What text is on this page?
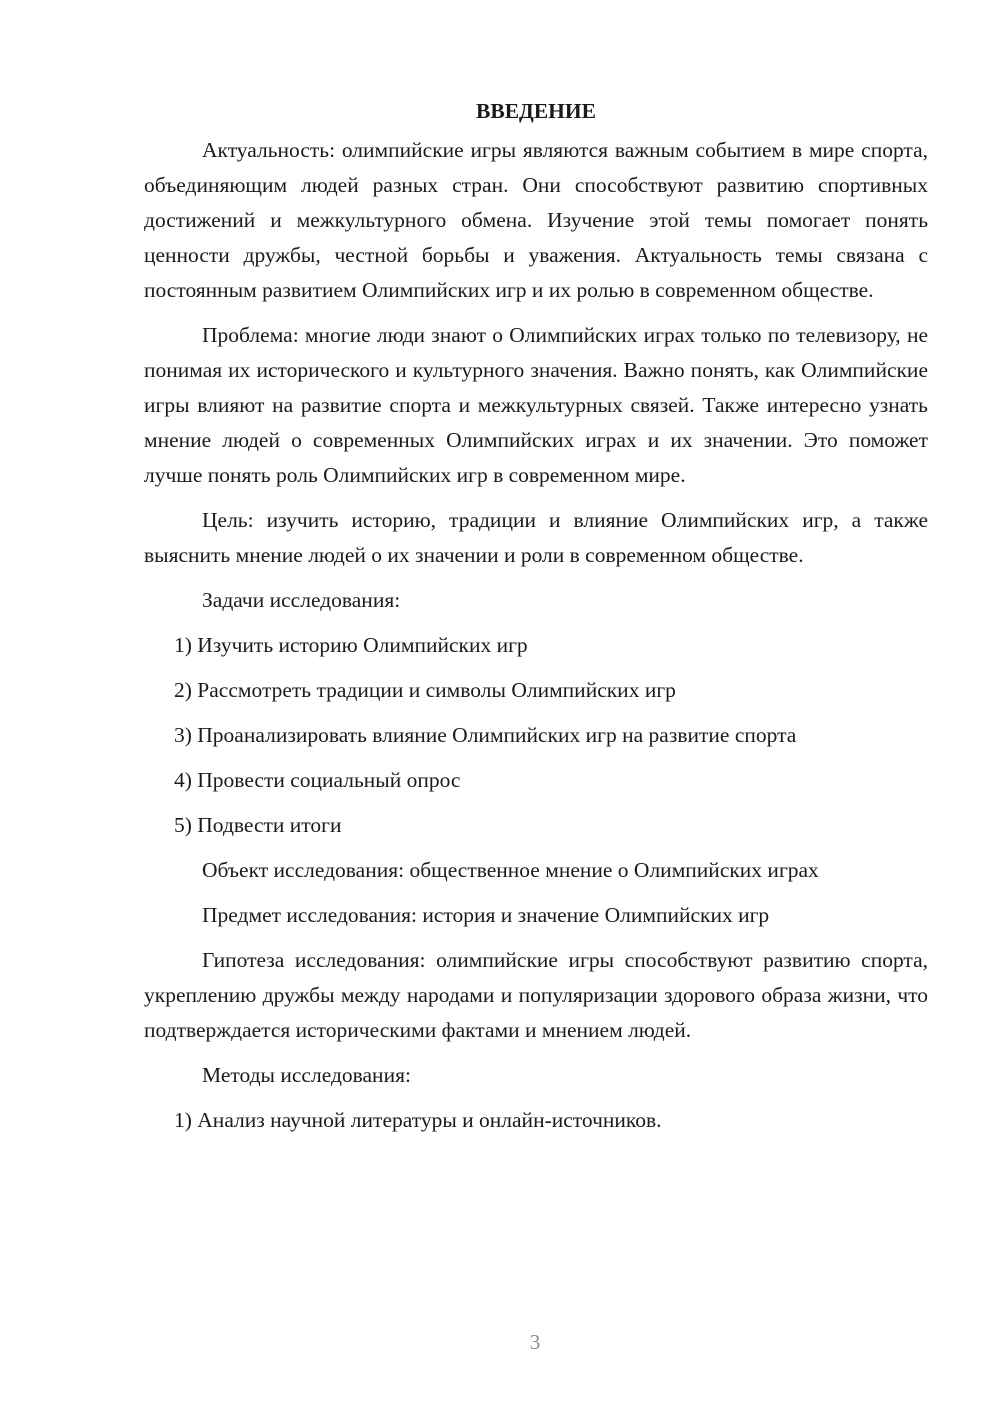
ВВЕДЕНИЕ
Актуальность: олимпийские игры являются важным событием в мире спорта, объединяющим людей разных стран. Они способствуют развитию спортивных достижений и межкультурного обмена. Изучение этой темы помогает понять ценности дружбы, честной борьбы и уважения. Актуальность темы связана с постоянным развитием Олимпийских игр и их ролью в современном обществе.
Проблема: многие люди знают о Олимпийских играх только по телевизору, не понимая их исторического и культурного значения. Важно понять, как Олимпийские игры влияют на развитие спорта и межкультурных связей. Также интересно узнать мнение людей о современных Олимпийских играх и их значении. Это поможет лучше понять роль Олимпийских игр в современном мире.
Цель: изучить историю, традиции и влияние Олимпийских игр, а также выяснить мнение людей о их значении и роли в современном обществе.
Задачи исследования:
1) Изучить историю Олимпийских игр
2) Рассмотреть традиции и символы Олимпийских игр
3) Проанализировать влияние Олимпийских игр на развитие спорта
4) Провести социальный опрос
5) Подвести итоги
Объект исследования: общественное мнение о Олимпийских играх
Предмет исследования: история и значение Олимпийских игр
Гипотеза исследования: олимпийские игры способствуют развитию спорта, укреплению дружбы между народами и популяризации здорового образа жизни, что подтверждается историческими фактами и мнением людей.
Методы исследования:
1) Анализ научной литературы и онлайн-источников.
3
